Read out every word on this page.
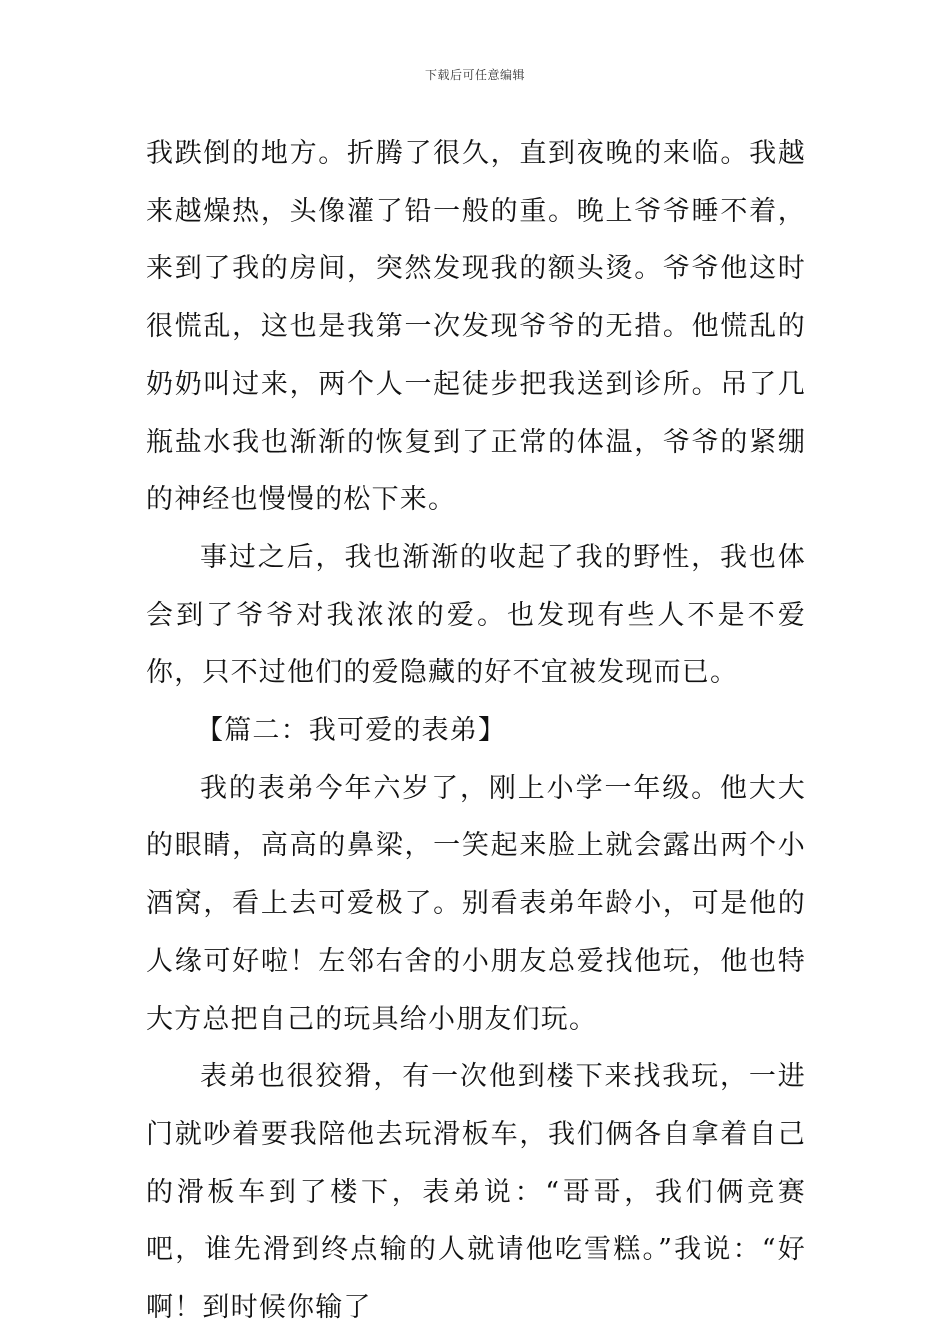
下载后可任意编辑

我跌倒的地方。折腾了很久，直到夜晚的来临。我越来越燥热，头像灌了铅一般的重。晚上爷爷睡不着，来到了我的房间，突然发现我的额头烫。爷爷他这时很慌乱，这也是我第一次发现爷爷的无措。他慌乱的奶奶叫过来，两个人一起徒步把我送到诊所。吊了几瓶盐水我也渐渐的恢复到了正常的体温，爷爷的紧绷的神经也慢慢的松下来。

事过之后，我也渐渐的收起了我的野性，我也体会到了爷爷对我浓浓的爱。也发现有些人不是不爱你，只不过他们的爱隐藏的好不宜被发现而已。

【篇二：我可爱的表弟】

我的表弟今年六岁了，刚上小学一年级。他大大的眼睛，高高的鼻梁，一笑起来脸上就会露出两个小酒窝，看上去可爱极了。别看表弟年龄小，可是他的人缘可好啦！左邻右舍的小朋友总爱找他玩，他也特大方总把自己的玩具给小朋友们玩。

表弟也很狡猾，有一次他到楼下来找我玩，一进门就吵着要我陪他去玩滑板车，我们俩各自拿着自己的滑板车到了楼下，表弟说：“哥哥，我们俩竞赛吧，谁先滑到终点输的人就请他吃雪糕。”我说：“好啊！到时候你输了
